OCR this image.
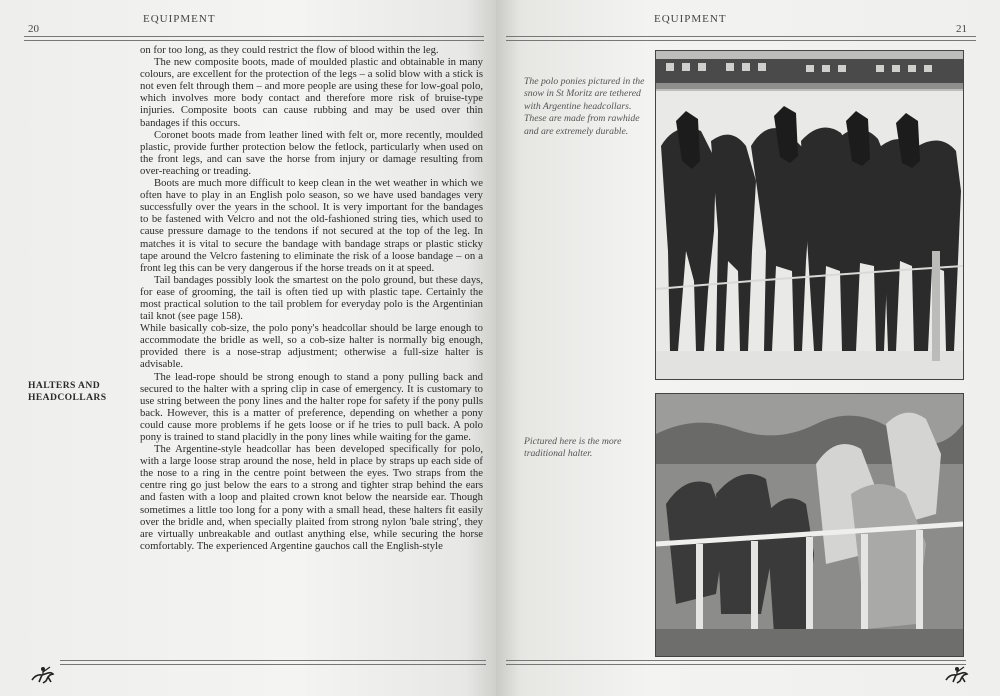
20
EQUIPMENT

on for too long, as they could restrict the flow of blood within the leg.

The new composite boots, made of moulded plastic and obtainable in many colours, are excellent for the protection of the legs – a solid blow with a stick is not even felt through them – and more people are using these for low-goal polo, which involves more body contact and therefore more risk of bruise-type injuries. Composite boots can cause rubbing and may be used over thin bandages if this occurs.

Coronet boots made from leather lined with felt or, more recently, moulded plastic, provide further protection below the fetlock, particularly when used on the front legs, and can save the horse from injury or damage resulting from over-reaching or treading.

Boots are much more difficult to keep clean in the wet weather in which we often have to play in an English polo season, so we have used bandages very successfully over the years in the school. It is very important for the bandages to be fastened with Velcro and not the old-fashioned string ties, which used to cause pressure damage to the tendons if not secured at the top of the leg. In matches it is vital to secure the bandage with bandage straps or plastic sticky tape around the Velcro fastening to eliminate the risk of a loose bandage – on a front leg this can be very dangerous if the horse treads on it at speed.

Tail bandages possibly look the smartest on the polo ground, but these days, for ease of grooming, the tail is often tied up with plastic tape. Certainly the most practical solution to the tail problem for everyday polo is the Argentinian tail knot (see page 158).

While basically cob-size, the polo pony's headcollar should be large enough to accommodate the bridle as well, so a cob-size halter is normally big enough, provided there is a nose-strap adjustment; otherwise a full-size halter is advisable.

The lead-rope should be strong enough to stand a pony pulling back and secured to the halter with a spring clip in case of emergency. It is customary to use string between the pony lines and the halter rope for safety if the pony pulls back. However, this is a matter of preference, depending on whether a pony could cause more problems if he gets loose or if he tries to pull back. A polo pony is trained to stand placidly in the pony lines while waiting for the game.

The Argentine-style headcollar has been developed specifically for polo, with a large loose strap around the nose, held in place by straps up each side of the nose to a ring in the centre point between the eyes. Two straps from the centre ring go just below the ears to a strong and tighter strap behind the ears and fasten with a loop and plaited crown knot below the nearside ear. Though sometimes a little too long for a pony with a small head, these halters fit easily over the bridle and, when specially plaited from strong nylon 'bale string', they are virtually unbreakable and outlast anything else, while securing the horse comfortably. The experienced Argentine gauchos call the English-style

HALTERS AND
HEADCOLLARS
EQUIPMENT
21
The polo ponies pictured in the snow in St Moritz are tethered with Argentine headcollars. These are made from rawhide and are extremely durable.
Pictured here is the more traditional halter.
